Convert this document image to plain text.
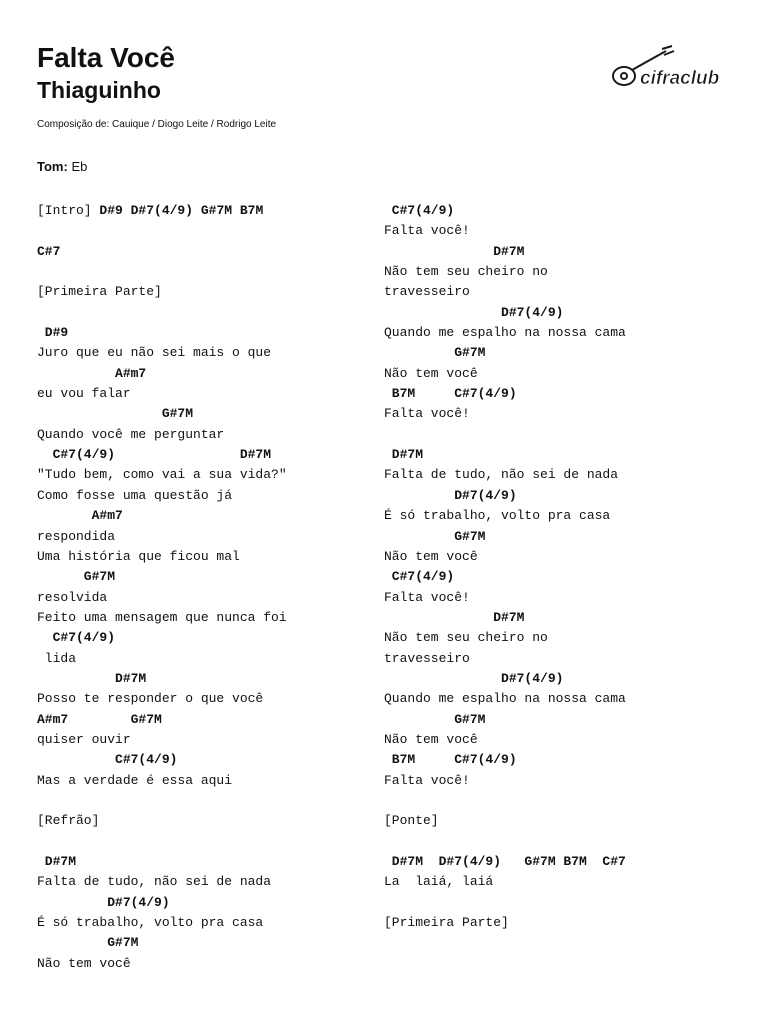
Falta Você
Thiaguinho
Composição de: Cauique / Diogo Leite / Rodrigo Leite
Tom: Eb
cifraclub
[Intro] D#9 D#7(4/9) G#7M B7M
C#7
[Primeira Parte]
D#9
Juro que eu não sei mais o que
A#m7
eu vou falar
G#7M
Quando você me perguntar
C#7(4/9)                D#7M
"Tudo bem, como vai a sua vida?"
Como fosse uma questão já
A#m7
respondida
Uma história que ficou mal
G#7M
resolvida
Feito uma mensagem que nunca foi
C#7(4/9)
lida
D#7M
Posso te responder o que você
A#m7        G#7M
quiser ouvir
C#7(4/9)
Mas a verdade é essa aqui
[Refrão]
D#7M
Falta de tudo, não sei de nada
D#7(4/9)
É só trabalho, volto pra casa
G#7M
Não tem você
C#7(4/9)
Falta você!
D#7M
Não tem seu cheiro no
travesseiro
D#7(4/9)
Quando me espalho na nossa cama
G#7M
Não tem você
B7M     C#7(4/9)
Falta você!
D#7M
Falta de tudo, não sei de nada
D#7(4/9)
É só trabalho, volto pra casa
G#7M
Não tem você
C#7(4/9)
Falta você!
D#7M
Não tem seu cheiro no
travesseiro
D#7(4/9)
Quando me espalho na nossa cama
G#7M
Não tem você
B7M     C#7(4/9)
Falta você!
[Ponte]
D#7M  D#7(4/9)   G#7M B7M  C#7
La  laiá, laiá
[Primeira Parte]
